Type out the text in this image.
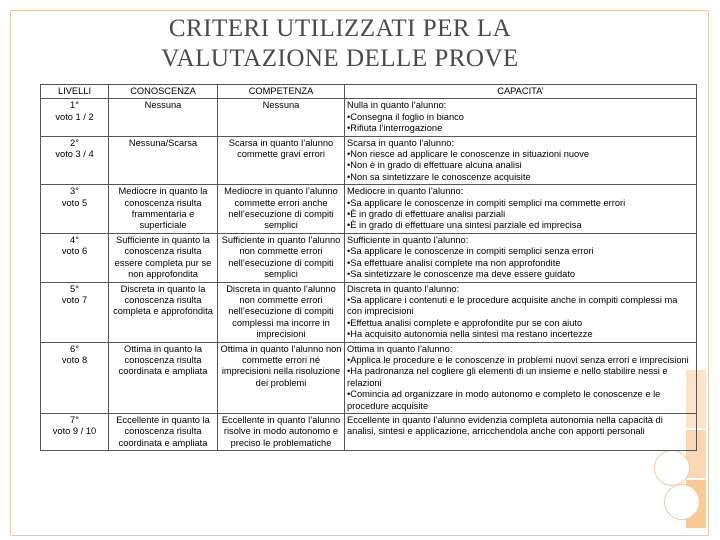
CRITERI UTILIZZATI PER LA
VALUTAZIONE DELLE PROVE
LIVELLI	CONOSCENZA	COMPETENZA	CAPACITA’

1°
voto 1 / 2	Nessuna	Nessuna	Nulla in quanto l’alunno:
• Consegna il foglio in bianco
• Rifiuta l’interrogazione

2°
voto 3 / 4	Nessuna/Scarsa	Scarsa in quanto l’alunno commette gravi errori	Scarsa in quanto l’alunno:
• Non riesce ad applicare le conoscenze in situazioni nuove
• Non è in grado di effettuare alcuna analisi
• Non sa sintetizzare le conoscenze acquisite

3°
voto 5	Mediocre in quanto la conoscenza risulta frammentaria e superficiale	Mediocre in quanto l’alunno commette errori anche nell’esecuzione di compiti semplici	Mediocre in quanto l’alunno:
• Sa applicare le conoscenze in compiti semplici ma commette errori
• È in grado di effettuare analisi parziali
• È in grado di effettuare una sintesi parziale ed imprecisa

4°
voto 6	Sufficiente in quanto la conoscenza risulta essere completa pur se non approfondita	Sufficiente in quanto l’alunno non commette errori nell’esecuzione di compiti semplici	Sufficiente in quanto l’alunno:
• Sa applicare le conoscenze in compiti semplici senza errori
• Sa effettuare analisi complete ma non approfondite
• Sa sintetizzare le conoscenze ma deve essere guidato

5°
voto 7	Discreta in quanto la conoscenza risulta completa e approfondita	Discreta in quanto l’alunno non commette errori nell’esecuzione di compiti complessi ma incorre in imprecisioni	Discreta in quanto l’alunno:
• Sa applicare i contenuti e le procedure acquisite anche in compiti complessi ma con imprecisioni
• Effettua analisi complete e approfondite pur se con aiuto
• Ha acquisito autonomia nella sintesi ma restano incertezze

6°
voto 8	Ottima in quanto la conoscenza risulta coordinata e ampliata	Ottima in quanto l’alunno non commette errori né imprecisioni nella risoluzione dei problemi	Ottima in quanto l’alunno:
• Applica le procedure e le conoscenze in problemi nuovi senza errori e imprecisioni
• Ha padronanza nel cogliere gli elementi di un insieme e nello stabilire nessi e relazioni
• Comincia ad organizzare in modo autonomo e completo le conoscenze e le procedure acquisite

7°
voto 9 / 10	Eccellente in quanto la conoscenza risulta coordinata e ampliata	Eccellente in quanto l’alunno risolve in modo autonomo e preciso le problematiche	Eccellente in quanto l’alunno evidenzia completa autonomia nella capacità di analisi, sintesi e applicazione, arricchendola anche con apporti personali
